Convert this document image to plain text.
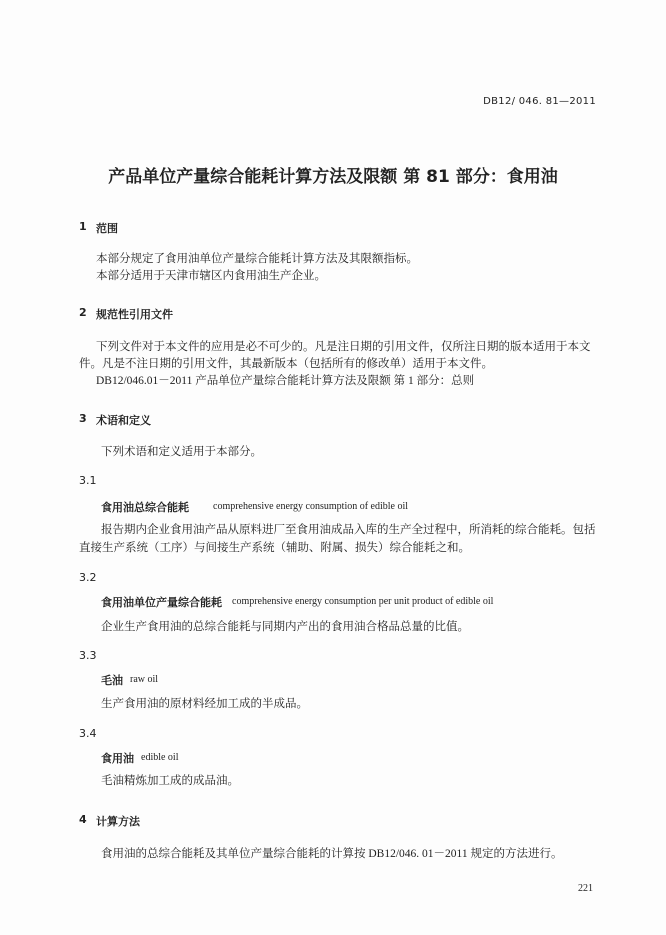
DB12/ 046. 81—2011
产品单位产量综合能耗计算方法及限额 第 81 部分：食用油
1 范围
本部分规定了食用油单位产量综合能耗计算方法及其限额指标。
本部分适用于天津市辖区内食用油生产企业。
2 规范性引用文件
下列文件对于本文件的应用是必不可少的。凡是注日期的引用文件，仅所注日期的版本适用于本文
件。凡是不注日期的引用文件，其最新版本（包括所有的修改单）适用于本文件。
DB12/046.01－2011 产品单位产量综合能耗计算方法及限额 第 1 部分：总则
3 术语和定义
下列术语和定义适用于本部分。
3.1
食用油总综合能耗 comprehensive energy consumption of edible oil
报告期内企业食用油产品从原料进厂至食用油成品入库的生产全过程中，所消耗的综合能耗。包括
直接生产系统（工序）与间接生产系统（辅助、附属、损失）综合能耗之和。
3.2
食用油单位产量综合能耗 comprehensive energy consumption per unit product of edible oil
企业生产食用油的总综合能耗与同期内产出的食用油合格品总量的比值。
3.3
毛油 raw oil
生产食用油的原材料经加工成的半成品。
3.4
食用油 edible oil
毛油精炼加工成的成品油。
4 计算方法
食用油的总综合能耗及其单位产量综合能耗的计算按 DB12/046. 01－2011 规定的方法进行。
221
